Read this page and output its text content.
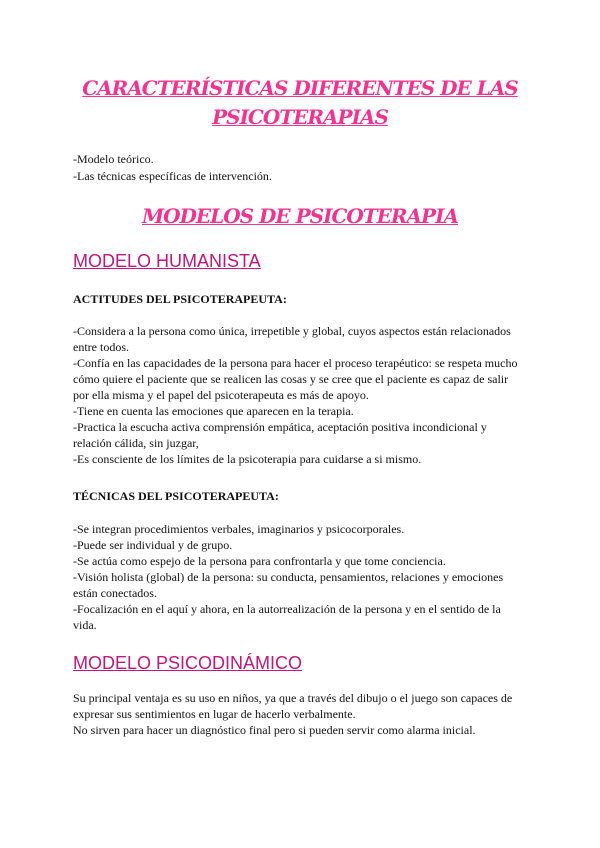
CARACTERÍSTICAS DIFERENTES DE LAS
PSICOTERAPIAS
-Modelo teórico.
-Las técnicas específicas de intervención.
MODELOS DE PSICOTERAPIA
MODELO HUMANISTA
ACTITUDES DEL PSICOTERAPEUTA:

-Considera a la persona como única, irrepetible y global, cuyos aspectos están relacionados entre todos.

-Confía en las capacidades de la persona para hacer el proceso terapéutico: se respeta mucho cómo quiere el paciente que se realicen las cosas y se cree que el paciente es capaz de salir por ella misma y el papel del psicoterapeuta es más de apoyo.

-Tiene en cuenta las emociones que aparecen en la terapia.

-Practica la escucha activa comprensión empática, aceptación positiva incondicional y relación cálida, sin juzgar,

-Es consciente de los límites de la psicoterapia para cuidarse a si mismo.

TÉCNICAS DEL PSICOTERAPEUTA:

-Se integran procedimientos verbales, imaginarios y psicocorporales.

-Puede ser individual y de grupo.

-Se actúa como espejo de la persona para confrontarla y que tome conciencia.

-Visión holista (global) de la persona: su conducta, pensamientos, relaciones y emociones están conectados.

-Focalización en el aquí y ahora, en la autorrealización de la persona y en el sentido de la vida.

MODELO PSICODINÁMICO

Su principal ventaja es su uso en niños, ya que a través del dibujo o el juego son capaces de expresar sus sentimientos en lugar de hacerlo verbalmente.

No sirven para hacer un diagnóstico final pero si pueden servir como alarma inicial.
